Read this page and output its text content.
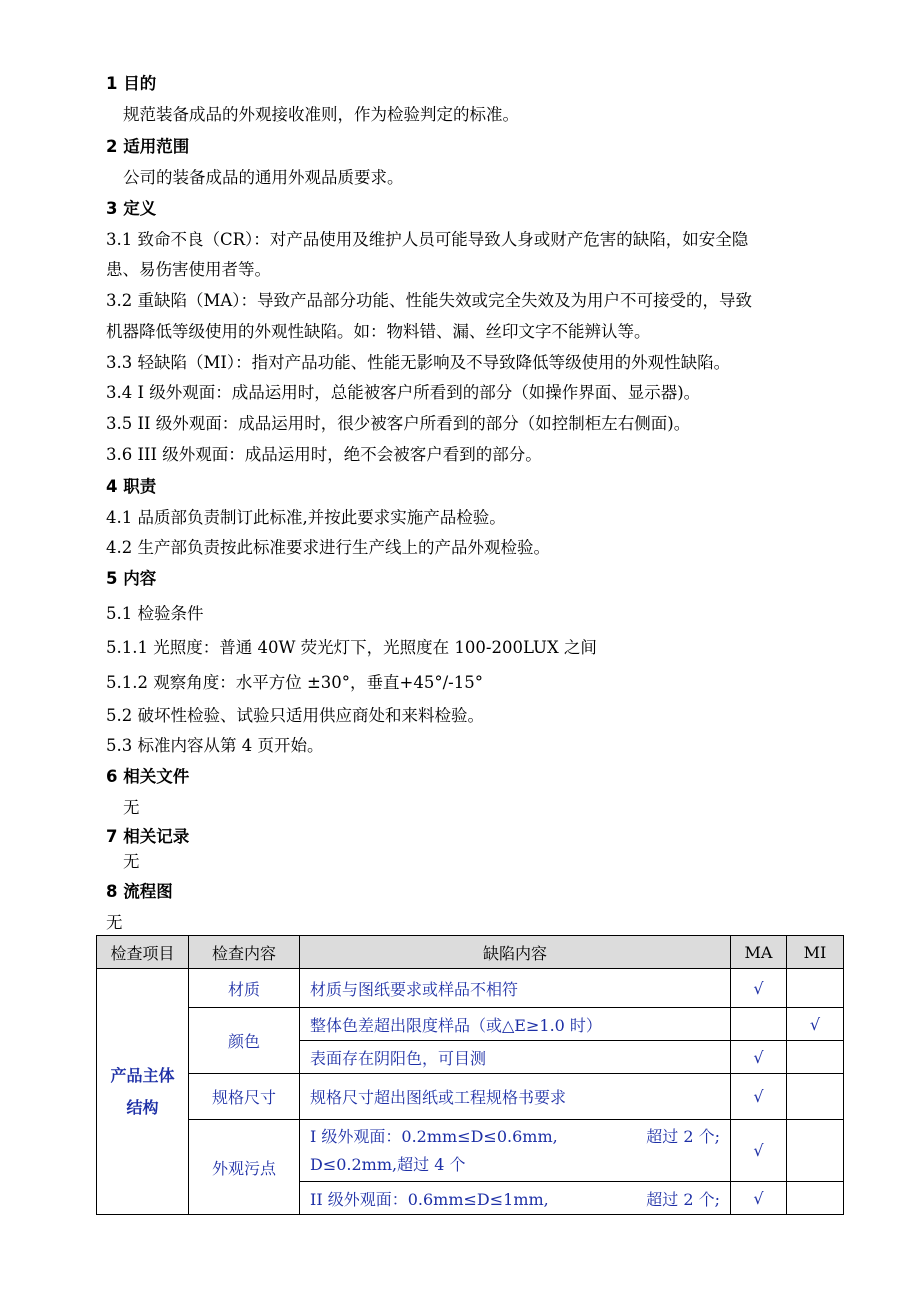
1 目的
规范装备成品的外观接收准则，作为检验判定的标准。
2 适用范围
公司的装备成品的通用外观品质要求。
3 定义
3.1 致命不良（CR）：对产品使用及维护人员可能导致人身或财产危害的缺陷，如安全隐
患、易伤害使用者等。
3.2 重缺陷（MA）：导致产品部分功能、性能失效或完全失效及为用户不可接受的，导致
机器降低等级使用的外观性缺陷。如：物料错、漏、丝印文字不能辨认等。
3.3 轻缺陷（MI）：指对产品功能、性能无影响及不导致降低等级使用的外观性缺陷。
3.4 I 级外观面：成品运用时，总能被客户所看到的部分（如操作界面、显示器)。
3.5 II 级外观面：成品运用时，很少被客户所看到的部分（如控制柜左右侧面)。
3.6 III 级外观面：成品运用时，绝不会被客户看到的部分。
4 职责
4.1 品质部负责制订此标准,并按此要求实施产品检验。
4.2 生产部负责按此标准要求进行生产线上的产品外观检验。
5 内容
5.1 检验条件
5.1.1 光照度：普通 40W 荧光灯下，光照度在 100-200LUX 之间
5.1.2 观察角度：水平方位 ±30°，垂直+45°/-15°
5.2 破坏性检验、试验只适用供应商处和来料检验。
5.3 标准内容从第 4 页开始。
6 相关文件
无
7 相关记录
无
8 流程图
无
检查项目	检查内容	缺陷内容	MA	MI

产品主体
结构	材质	材质与图纸要求或样品不相符	√	
	颜色	整体色差超出限度样品（或△E≥1.0 时）		√
		表面存在阴阳色，可目测	√	
	规格尺寸	规格尺寸超出图纸或工程规格书要求	√	
	外观污点	I 级外观面：0.2mm≤D≤0.6mm, 超过 2 个;
D≤0.2mm,超过 4 个	√	

		II 级外观面：0.6mm≤D≤1mm, 超过 2 个;	√	
